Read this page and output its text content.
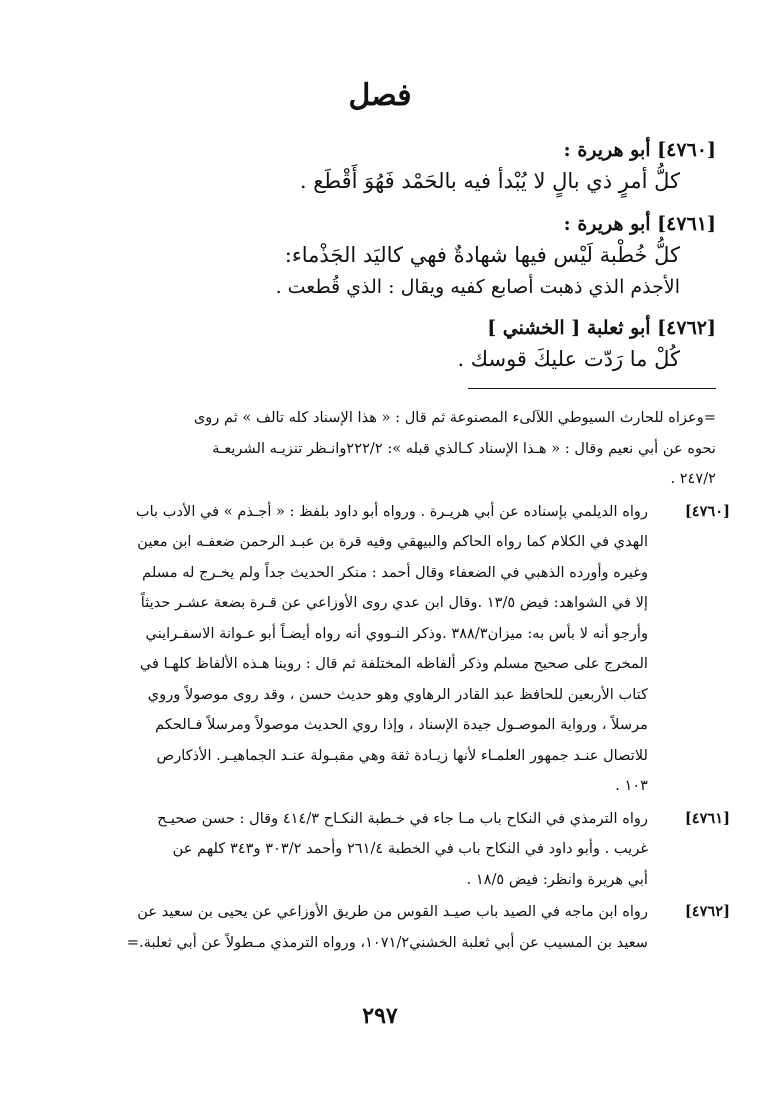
فصل
[٤٧٦٠] أبو هريرة :
كلُّ أمرٍ ذي بالٍ لا يُبْدأ فيه بالحَمْد فَهُوَ أَقْطَع .
[٤٧٦١] أبو هريرة :
كلُّ خُطْبة لَيْس فيها شهادةٌ فهي كاليَد الجَذْماء:
الأجذم الذي ذهبت أصابع كفيه ويقال : الذي قُطعت .
[٤٧٦٢] أبو ثعلبة [ الخشني ]
كُلْ ما رَدّت عليكَ قوسك .
=وعزاه للحارث السيوطي اللآلىء المصنوعة ثم قال : « هذا الإسناد كله تالف » ثم روى
نحوه عن أبي نعيم وقال : « هـذا الإسناد كـالذي قبله »: ٢٢٢/٢وانـظر تنزيـه الشريعـة
٢٤٧/٢ .
[٤٧٦٠]
رواه الديلمي بإسناده عن أبي هريـرة . ورواه أبو داود بلفظ : « أجـذم » في الأدب باب
الهدي في الكلام كما رواه الحاكم والبيهقي وفيه قرة بن عبـد الرحمن ضعفـه ابن معين
وغيره وأورده الذهبي في الضعفاء وقال أحمد : منكر الحديث جداً ولم يخـرج له مسلم
إلا في الشواهد: فيض ١٣/٥ .وقال ابن عدي روى الأوزاعي عن قـرة بضعة عشـر حديثاً
وأرجو أنه لا بأس به: ميزان٣٨٨/٣ .وذكر النـووي أنه رواه أيضـاً أبو عـوانة الاسفـرايني
المخرج على صحيح مسلم وذكر ألفاظه المختلفة ثم قال : روينا هـذه الألفاظ كلهـا في
كتاب الأربعين للحافظ عبد القادر الرهاوي وهو حديث حسن ، وقد روى موصولاً وروي
مرسلاً ، ورواية الموصـول جيدة الإسناد ، وإذا روي الحديث موصولاً ومرسلاً فـالحكم
للاتصال عنـد جمهور العلمـاء لأنها زيـادة ثقة وهي مقبـولة عنـد الجماهيـر. الأذكارص
١٠٣ .
[٤٧٦١]
رواه الترمذي في النكاح باب مـا جاء في خـطبة النكـاح ٤١٤/٣ وقال : حسن صحيـح
غريب . وأبو داود في النكاح باب في الخطبة ٢٦١/٤ وأحمد ٣٠٣/٢ و٣٤٣ كلهم عن
أبي هريرة وانظر: فيض ١٨/٥ .
[٤٧٦٢]
رواه ابن ماجه في الصيد باب صيـد القوس من طريق الأوزاعي عن يحيى بن سعيد عن
سعيد بن المسيب عن أبي ثعلبة الخشني١٠٧١/٢، ورواه الترمذي مـطولاً عن أبي ثعلبة.=
٢٩٧
